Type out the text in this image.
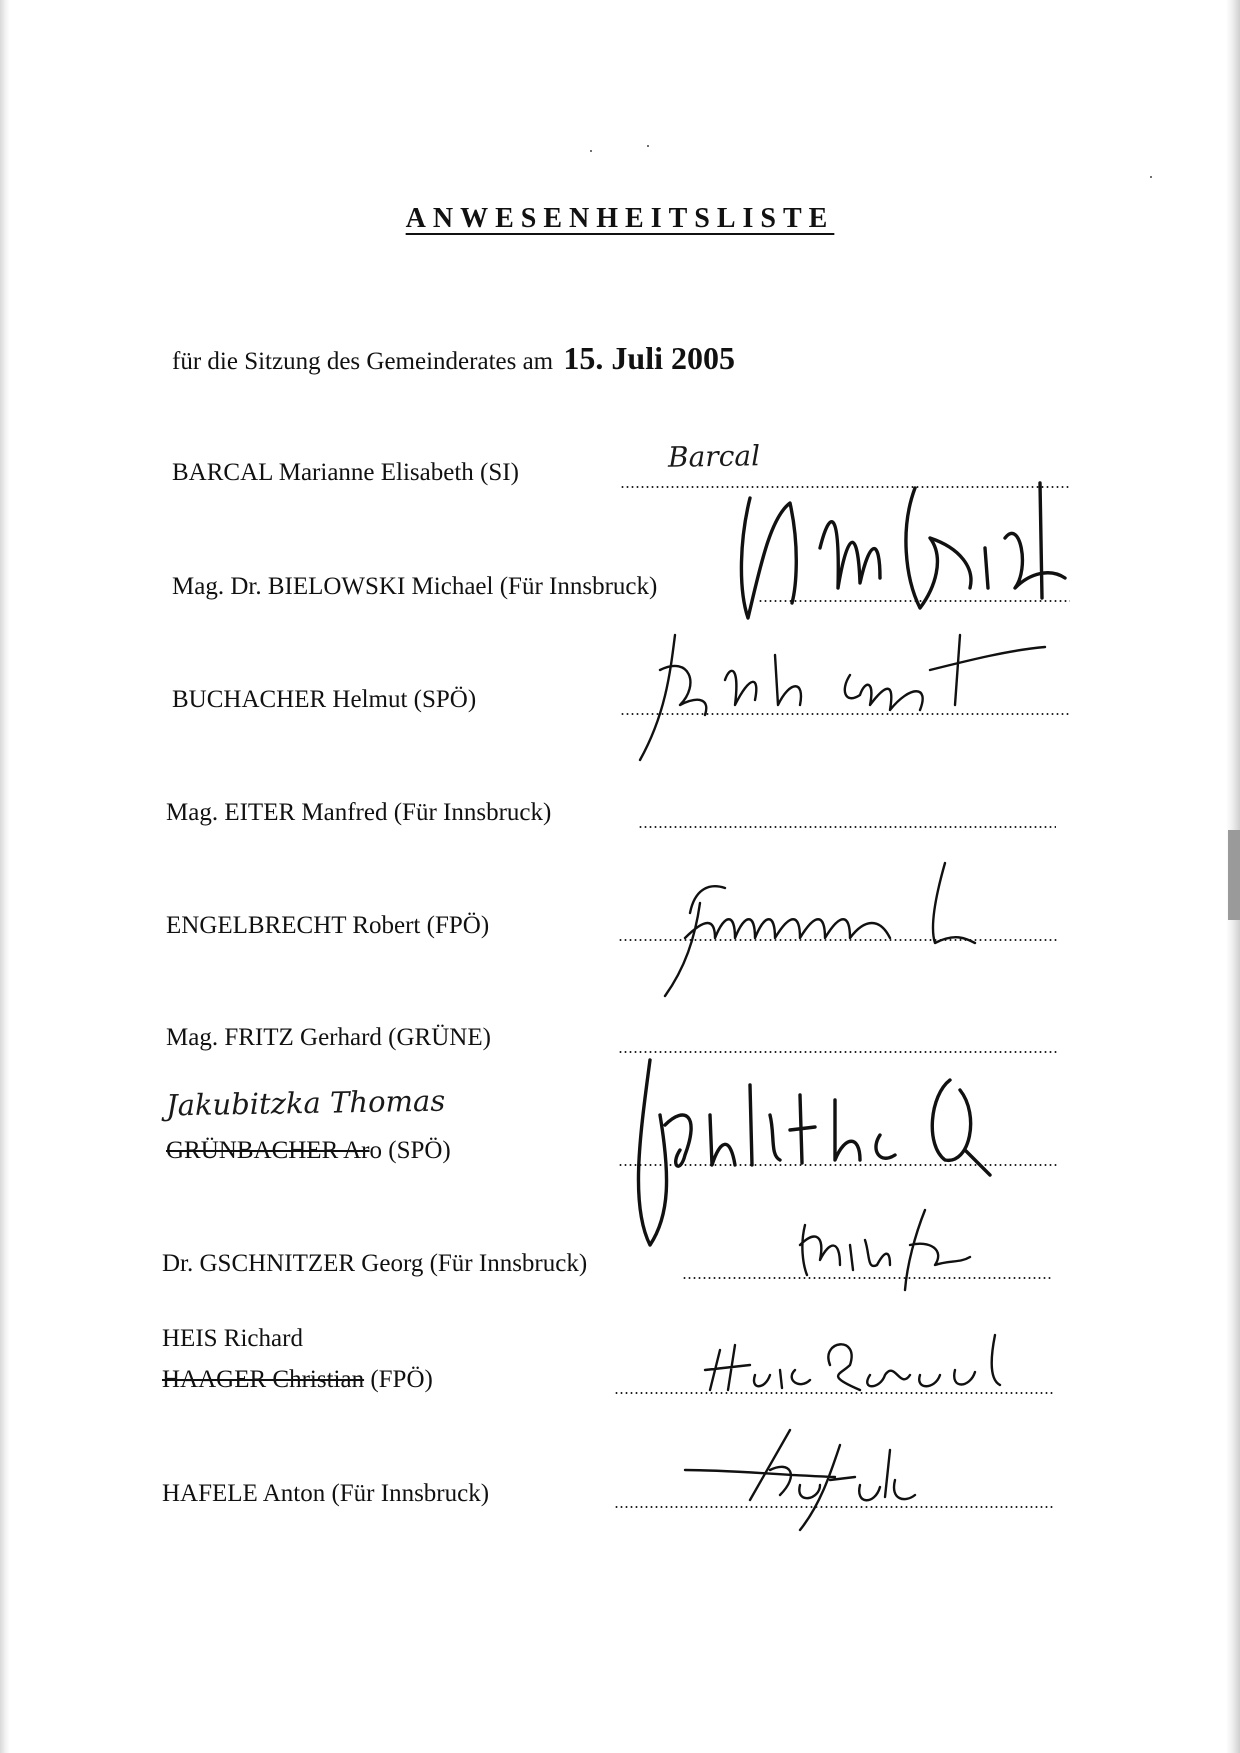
ANWESENHEITSLISTE
für die Sitzung des Gemeinderates am 15. Juli 2005
BARCAL Marianne Elisabeth (SI)	Barcal
Mag. Dr. BIELOWSKI Michael (Für Innsbruck)
BUCHACHER Helmut (SPÖ)
Mag. EITER Manfred (Für Innsbruck)
ENGELBRECHT Robert (FPÖ)
Mag. FRITZ Gerhard (GRÜNE)
Jakubitzka Thomas
GRÜNBACHER Aro (SPÖ)
Dr. GSCHNITZER Georg (Für Innsbruck)
HEIS Richard
HAAGER Christian (FPÖ)
HAFELE Anton (Für Innsbruck)
